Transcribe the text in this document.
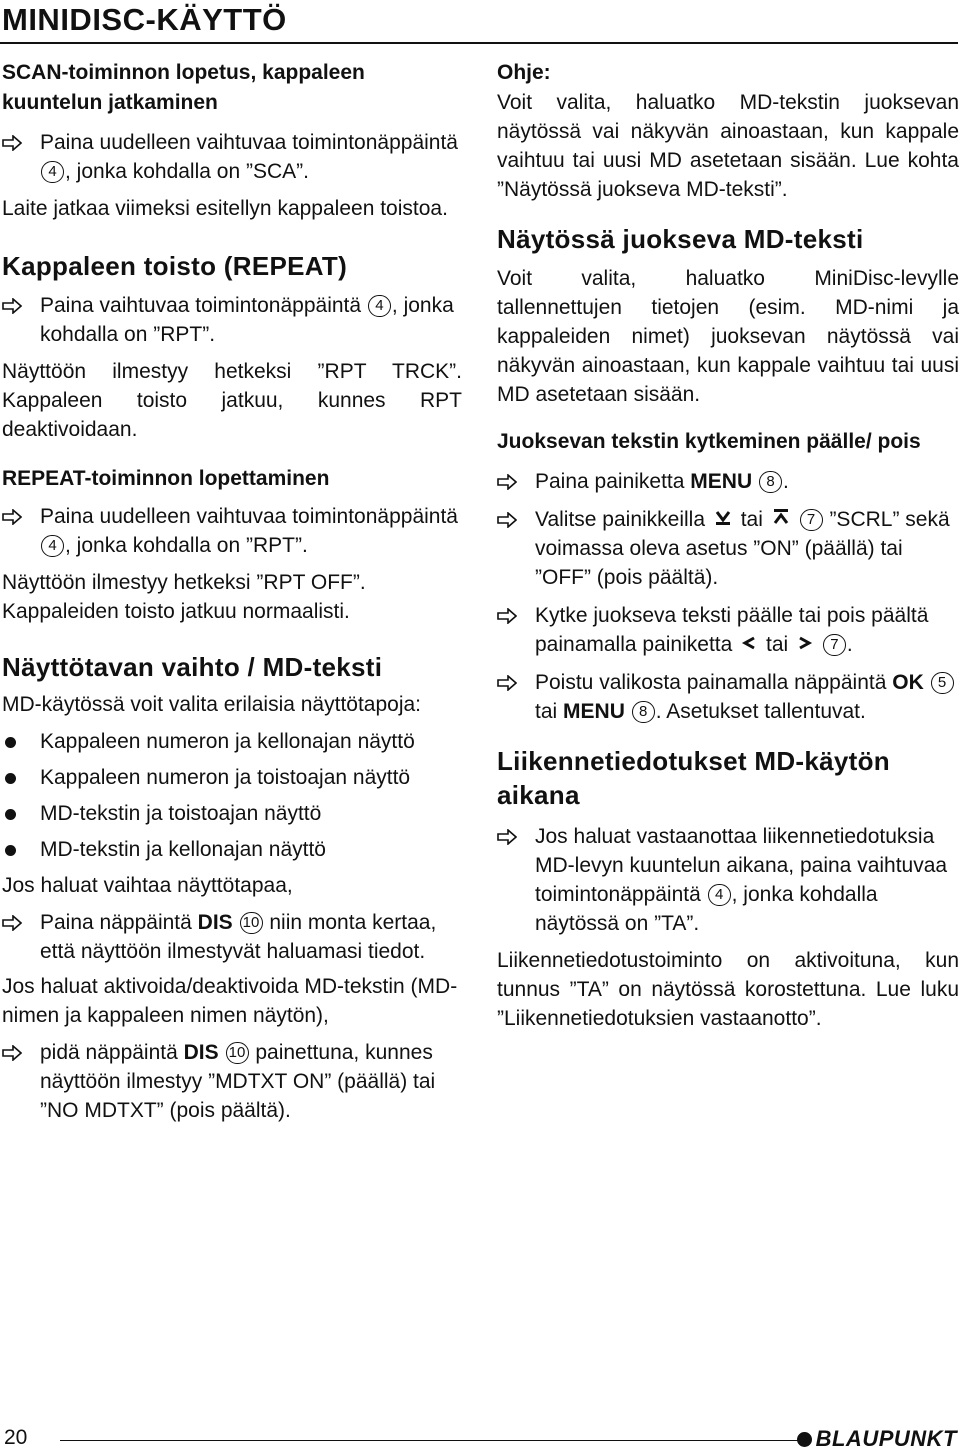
MINIDISC-KÄYTTÖ

SCAN-toiminnon lopetus, kappaleen kuuntelun jatkaminen

Paina uudelleen vaihtuvaa toimintonäppäintä 4 , jonka kohdalla on ”SCA”.

Laite jatkaa viimeksi esitellyn kappaleen toistoa.

Kappaleen toisto (REPEAT)

Paina vaihtuvaa toimintonäppäintä 4 , jonka kohdalla on ”RPT”.

Näyttöön ilmestyy hetkeksi ”RPT TRCK”. Kappaleen toisto jatkuu, kunnes RPT deaktivoidaan.

REPEAT-toiminnon lopettaminen

Paina uudelleen vaihtuvaa toimintonäppäintä 4 , jonka kohdalla on ”RPT”.

Näyttöön ilmestyy hetkeksi ”RPT OFF”. Kappaleiden toisto jatkuu normaalisti.

Näyttötavan vaihto / MD-teksti

MD-käytössä voit valita erilaisia näyttötapoja:

Kappaleen numeron ja kellonajan näyttö
Kappaleen numeron ja toistoajan näyttö
MD-tekstin ja toistoajan näyttö
MD-tekstin ja kellonajan näyttö

Jos haluat vaihtaa näyttötapaa,

Paina näppäintä DIS 10 niin monta kertaa, että näyttöön ilmestyvät haluamasi tiedot.

Jos haluat aktivoida/deaktivoida MD-tekstin (MD-nimen ja kappaleen nimen näytön),

pidä näppäintä DIS 10 painettuna, kunnes näyttöön ilmestyy ”MDTXT ON” (päällä) tai ”NO MDTXT” (pois päältä).

Ohje:

Voit valita, haluatko MD-tekstin juoksevan näytössä vai näkyvän ainoastaan, kun kappale vaihtuu tai uusi MD asetetaan sisään. Lue kohta ”Näytössä juokseva MD-teksti”.

Näytössä juokseva MD-teksti

Voit valita, haluatko MiniDisc-levylle tallennettujen tietojen (esim. MD-nimi ja kappaleiden nimet) juoksevan näytössä vai näkyvän ainoastaan, kun kappale vaihtuu tai uusi MD asetetaan sisään.

Juoksevan tekstin kytkeminen päälle/ pois

Paina painiketta MENU 8 .
Valitse painikkeilla tai	7 ”SCRL” sekä voimassa oleva asetus ”ON” (päällä) tai ”OFF” (pois päältä).
Kytke juokseva teksti päälle tai pois päältä painamalla painiketta tai	7 .
Poistu valikosta painamalla näppäintä OK 5 tai MENU 8 . Asetukset tallentuvat.

Liikennetiedotukset MD-käytön aikana

Jos haluat vastaanottaa liikennetiedotuksia MD-levyn kuuntelun aikana, paina vaihtuvaa toimintonäppäintä 4 , jonka kohdalla näytössä on ”TA”.

Liikennetiedotustoiminto on aktivoituna, kun tunnus ”TA” on näytössä korostettuna. Lue luku ”Liikennetiedotuksien vastaanotto”.

20	BLAUPUNKT
